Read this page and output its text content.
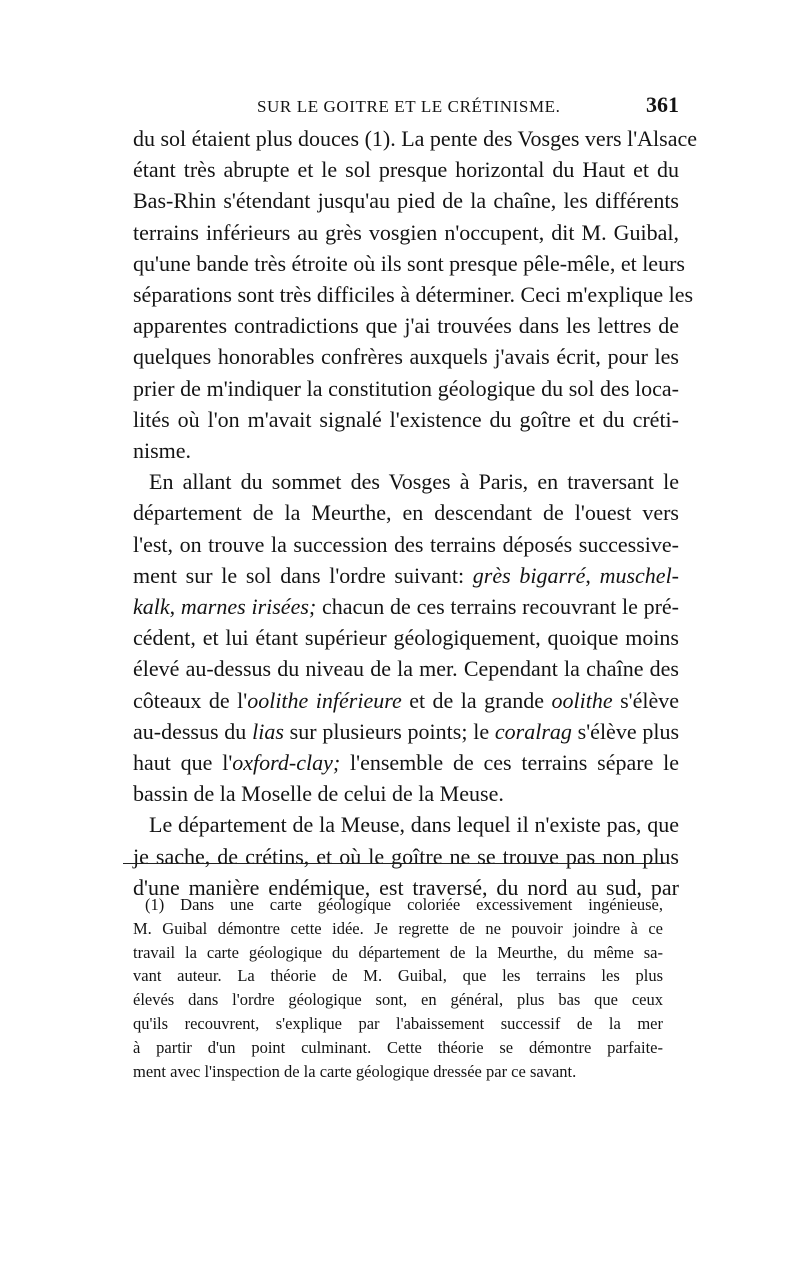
SUR LE GOITRE ET LE CRÉTINISME.	361
du sol étaient plus douces (1). La pente des Vosges vers l'Alsace
étant très abrupte et le sol presque horizontal du Haut et du
Bas-Rhin s'étendant jusqu'au pied de la chaîne, les différents
terrains inférieurs au grès vosgien n'occupent, dit M. Guibal,
qu'une bande très étroite où ils sont presque pêle-mêle, et leurs
séparations sont très difficiles à déterminer. Ceci m'explique les
apparentes contradictions que j'ai trouvées dans les lettres de
quelques honorables confrères auxquels j'avais écrit, pour les
prier de m'indiquer la constitution géologique du sol des loca-
lités où l'on m'avait signalé l'existence du goître et du créti-
nisme.
En allant du sommet des Vosges à Paris, en traversant le
département de la Meurthe, en descendant de l'ouest vers
l'est, on trouve la succession des terrains déposés successive-
ment sur le sol dans l'ordre suivant: grès bigarré, muschel-
kalk, marnes irisées; chacun de ces terrains recouvrant le pré-
cédent, et lui étant supérieur géologiquement, quoique moins
élevé au-dessus du niveau de la mer. Cependant la chaîne des
côteaux de l'oolithe inférieure et de la grande oolithe s'élève
au-dessus du lias sur plusieurs points; le coralrag s'élève plus
haut que l'oxford-clay; l'ensemble de ces terrains sépare le
bassin de la Moselle de celui de la Meuse.
Le département de la Meuse, dans lequel il n'existe pas, que
je sache, de crétins, et où le goître ne se trouve pas non plus
d'une manière endémique, est traversé, du nord au sud, par
(1) Dans une carte géologique coloriée excessivement ingénieuse,
M. Guibal démontre cette idée. Je regrette de ne pouvoir joindre à ce
travail la carte géologique du département de la Meurthe, du même sa-
vant auteur. La théorie de M. Guibal, que les terrains les plus
élevés dans l'ordre géologique sont, en général, plus bas que ceux
qu'ils recouvrent, s'explique par l'abaissement successif de la mer
à partir d'un point culminant. Cette théorie se démontre parfaite-
ment avec l'inspection de la carte géologique dressée par ce savant.
